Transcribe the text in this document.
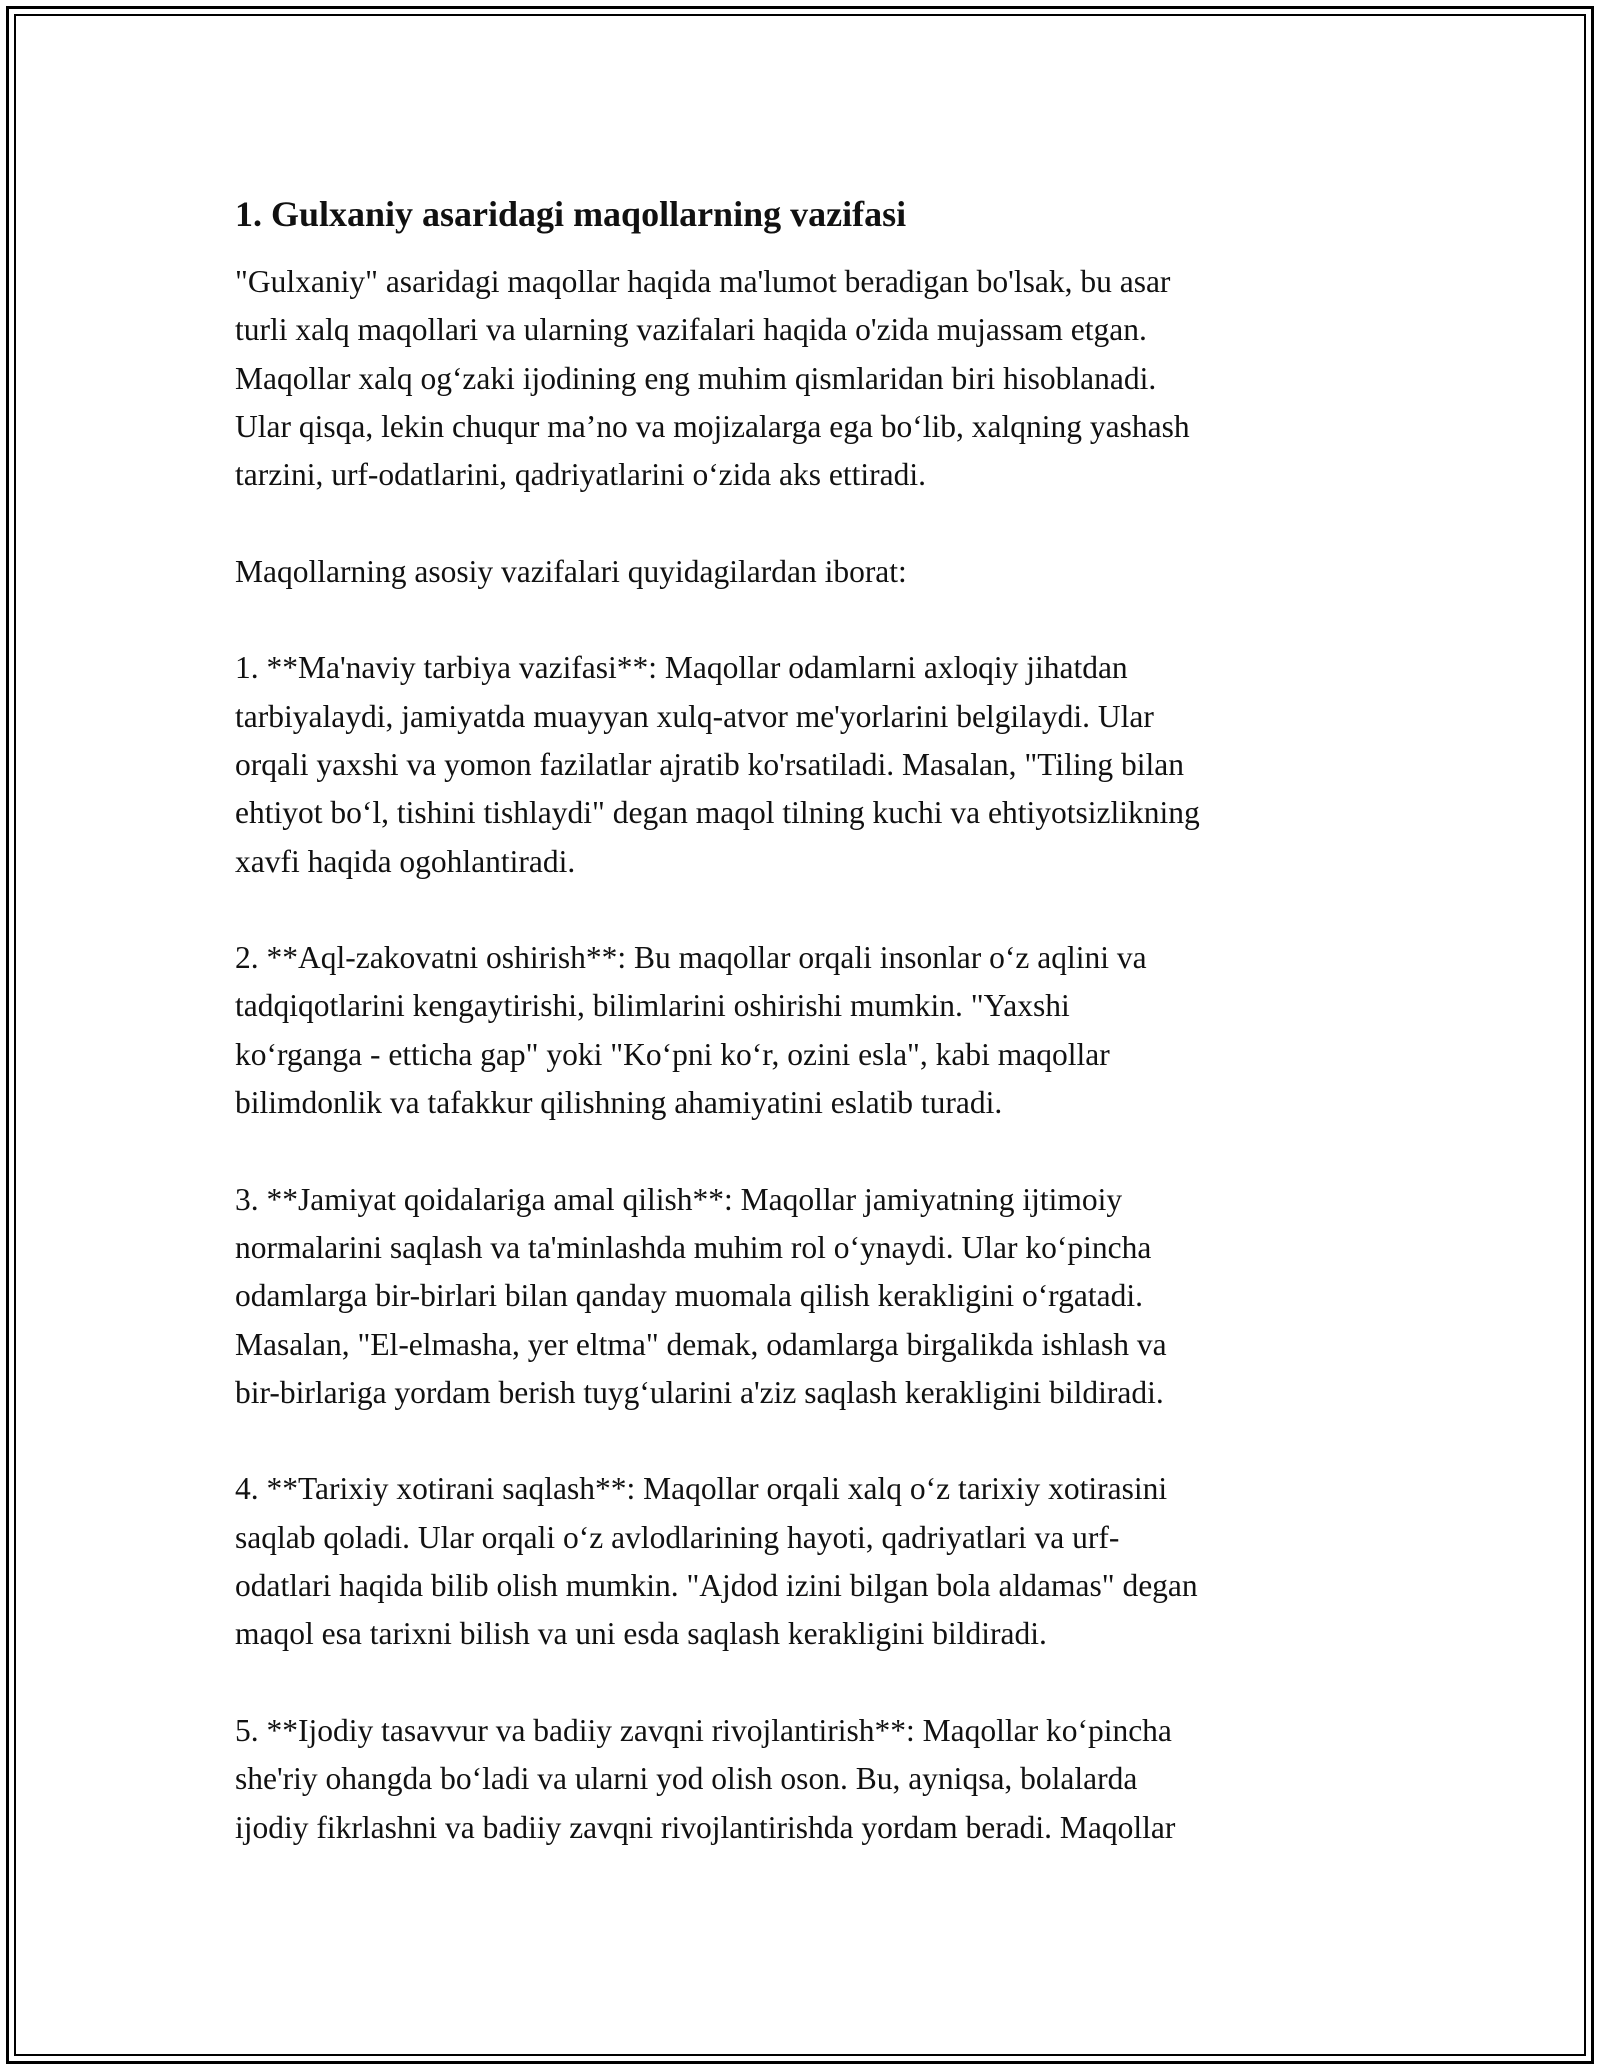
1. Gulxaniy asaridagi maqollarning vazifasi
"Gulxaniy" asaridagi maqollar haqida ma'lumot beradigan bo'lsak, bu asar
turli xalq maqollari va ularning vazifalari haqida o'zida mujassam etgan.
Maqollar xalq og‘zaki ijodining eng muhim qismlaridan biri hisoblanadi.
Ular qisqa, lekin chuqur ma’no va mojizalarga ega bo‘lib, xalqning yashash
tarzini, urf-odatlarini, qadriyatlarini o‘zida aks ettiradi.
Maqollarning asosiy vazifalari quyidagilardan iborat:
1. **Ma'naviy tarbiya vazifasi**: Maqollar odamlarni axloqiy jihatdan
tarbiyalaydi, jamiyatda muayyan xulq-atvor me'yorlarini belgilaydi. Ular
orqali yaxshi va yomon fazilatlar ajratib ko'rsatiladi. Masalan, "Tiling bilan
ehtiyot bo‘l, tishini tishlaydi" degan maqol tilning kuchi va ehtiyotsizlikning
xavfi haqida ogohlantiradi.
2. **Aql-zakovatni oshirish**: Bu maqollar orqali insonlar o‘z aqlini va
tadqiqotlarini kengaytirishi, bilimlarini oshirishi mumkin. "Yaxshi
ko‘rganga - etticha gap" yoki "Ko‘pni ko‘r, ozini esla", kabi maqollar
bilimdonlik va tafakkur qilishning ahamiyatini eslatib turadi.
3. **Jamiyat qoidalariga amal qilish**: Maqollar jamiyatning ijtimoiy
normalarini saqlash va ta'minlashda muhim rol o‘ynaydi. Ular ko‘pincha
odamlarga bir-birlari bilan qanday muomala qilish kerakligini o‘rgatadi.
Masalan, "El-elmasha, yer eltma" demak, odamlarga birgalikda ishlash va
bir-birlariga yordam berish tuyg‘ularini a'ziz saqlash kerakligini bildiradi.
4. **Tarixiy xotirani saqlash**: Maqollar orqali xalq o‘z tarixiy xotirasini
saqlab qoladi. Ular orqali o‘z avlodlarining hayoti, qadriyatlari va urf-
odatlari haqida bilib olish mumkin. "Ajdod izini bilgan bola aldamas" degan
maqol esa tarixni bilish va uni esda saqlash kerakligini bildiradi.
5. **Ijodiy tasavvur va badiiy zavqni rivojlantirish**: Maqollar ko‘pincha
she'riy ohangda bo‘ladi va ularni yod olish oson. Bu, ayniqsa, bolalarda
ijodiy fikrlashni va badiiy zavqni rivojlantirishda yordam beradi. Maqollar
